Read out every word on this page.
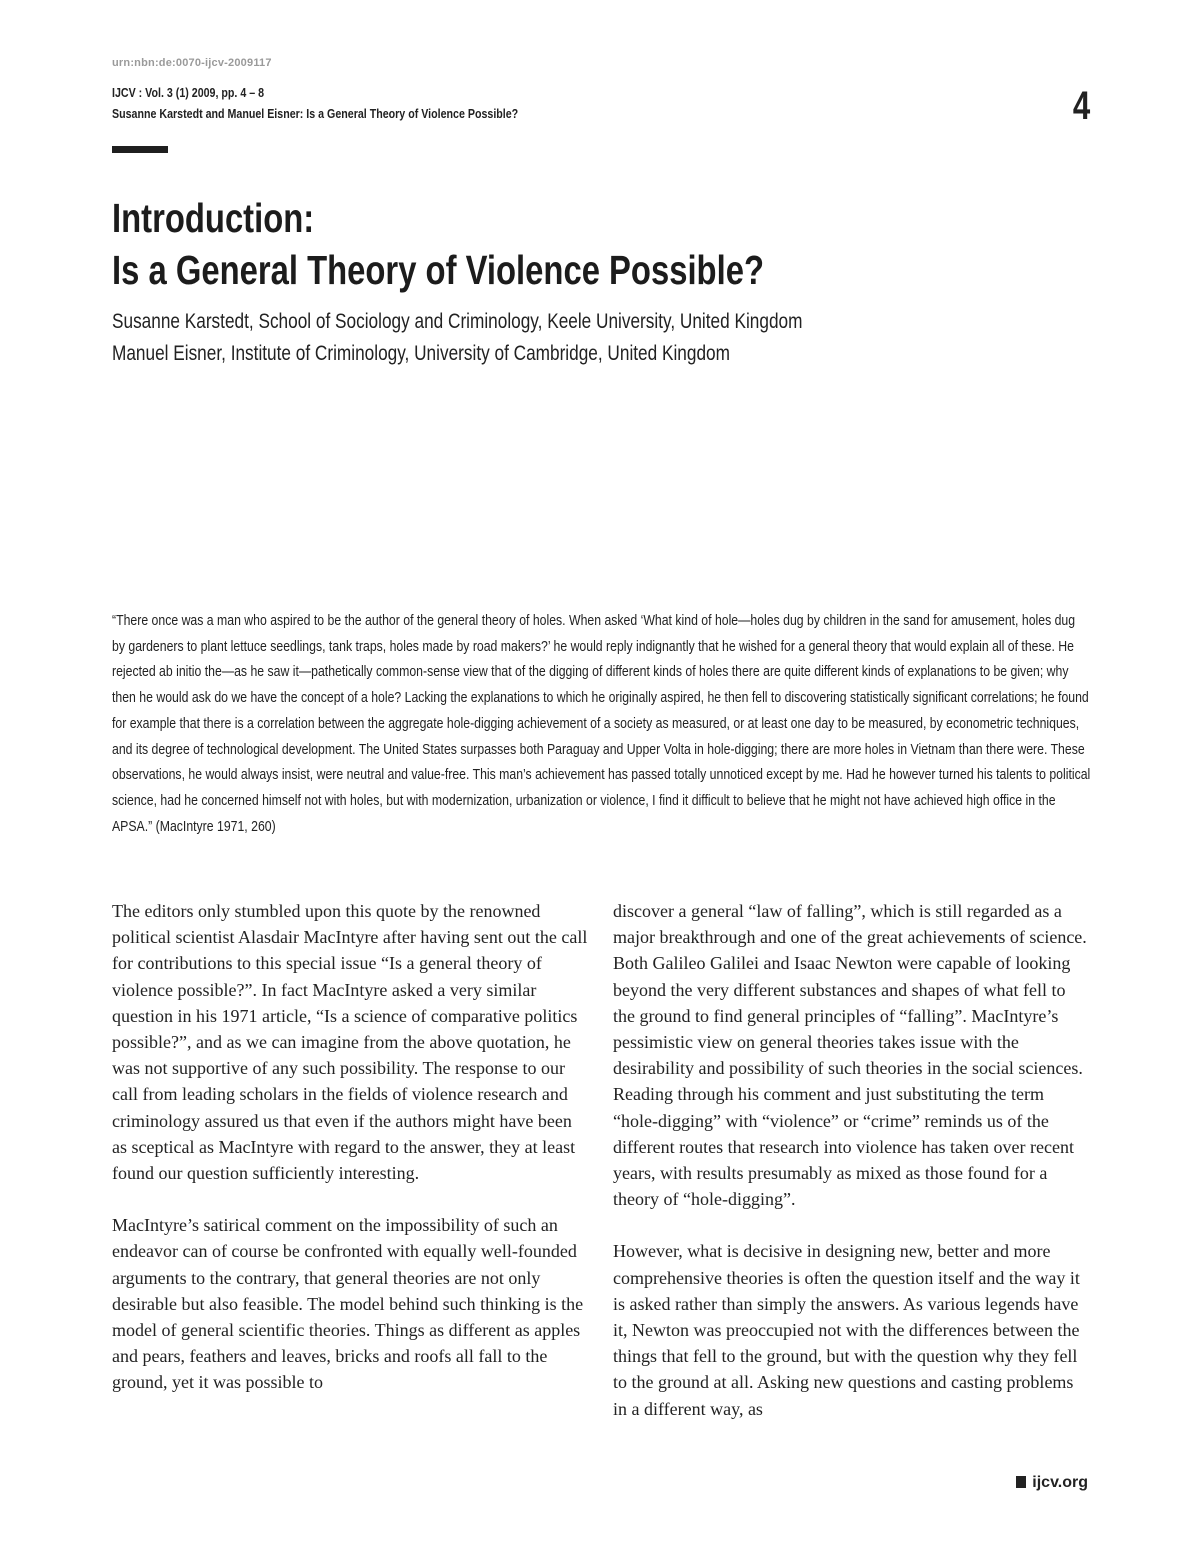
urn:nbn:de:0070-ijcv-2009117
IJCV : Vol. 3 (1) 2009, pp. 4 – 8
Susanne Karstedt and Manuel Eisner: Is a General Theory of Violence Possible?	4
Introduction:
Is a General Theory of Violence Possible?
Susanne Karstedt, School of Sociology and Criminology, Keele University, United Kingdom
Manuel Eisner, Institute of Criminology, University of Cambridge, United Kingdom

“There once was a man who aspired to be the author of the general theory of holes. When asked ‘What kind of hole—holes dug by children in the sand for amusement, holes dug by gardeners to plant lettuce seedlings, tank traps, holes made by road makers?’ he would reply indignantly that he wished for a general theory that would explain all of these. He rejected ab initio the—as he saw it—pathetically common-sense view that of the digging of different kinds of holes there are quite different kinds of explanations to be given; why then he would ask do we have the concept of a hole? Lacking the explanations to which he originally aspired, he then fell to discovering statistically significant correlations; he found for example that there is a correlation between the aggregate hole-digging achievement of a society as measured, or at least one day to be measured, by econometric techniques, and its degree of technological development. The United States surpasses both Paraguay and Upper Volta in hole-digging; there are more holes in Vietnam than there were. These observations, he would always insist, were neutral and value-free. This man’s achievement has passed totally unnoticed except by me. Had he however turned his talents to political science, had he concerned himself not with holes, but with modernization, urbanization or violence, I find it difficult to believe that he might not have achieved high office in the APSA.” (MacIntyre 1971, 260)

The editors only stumbled upon this quote by the renowned political scientist Alasdair MacIntyre after having sent out the call for contributions to this special issue “Is a general theory of violence possible?”. In fact MacIntyre asked a very similar question in his 1971 article, “Is a science of comparative politics possible?”, and as we can imagine from the above quotation, he was not supportive of any such possibility. The response to our call from leading scholars in the fields of violence research and criminology assured us that even if the authors might have been as sceptical as MacIntyre with regard to the answer, they at least found our question sufficiently interesting.

MacIntyre’s satirical comment on the impossibility of such an endeavor can of course be confronted with equally well-founded arguments to the contrary, that general theories are not only desirable but also feasible. The model behind such thinking is the model of general scientific theories. Things as different as apples and pears, feathers and leaves, bricks and roofs all fall to the ground, yet it was possible to

discover a general “law of falling”, which is still regarded as a major breakthrough and one of the great achievements of science. Both Galileo Galilei and Isaac Newton were capable of looking beyond the very different substances and shapes of what fell to the ground to find general principles of “falling”. MacIntyre’s pessimistic view on general theories takes issue with the desirability and possibility of such theories in the social sciences. Reading through his comment and just substituting the term “hole-digging” with “violence” or “crime” reminds us of the different routes that research into violence has taken over recent years, with results presumably as mixed as those found for a theory of “hole-digging”.

However, what is decisive in designing new, better and more comprehensive theories is often the question itself and the way it is asked rather than simply the answers. As various legends have it, Newton was preoccupied not with the differences between the things that fell to the ground, but with the question why they fell to the ground at all. Asking new questions and casting problems in a different way, as

ijcv.org
